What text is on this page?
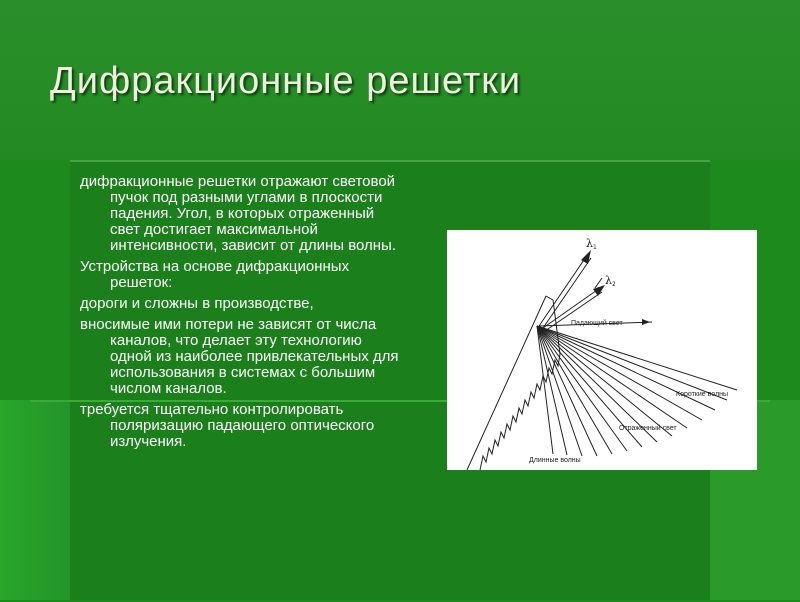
Дифракционные решетки
дифракционные решетки отражают световой пучок под разными углами в плоскости падения. Угол, в которых отраженный свет достигает максимальной интенсивности, зависит от длины волны.
Устройства на основе дифракционных решеток:
дороги и сложны в производстве,
вносимые ими потери не зависят от числа каналов, что делает эту технологию одной из наиболее привлекательных для использования в системах с большим числом каналов.
требуется тщательно контролировать поляризацию падающего оптического излучения.
λ 1
λ 2
Падающий свет
Короткие волны
Отраженный свет
Длинные волны
